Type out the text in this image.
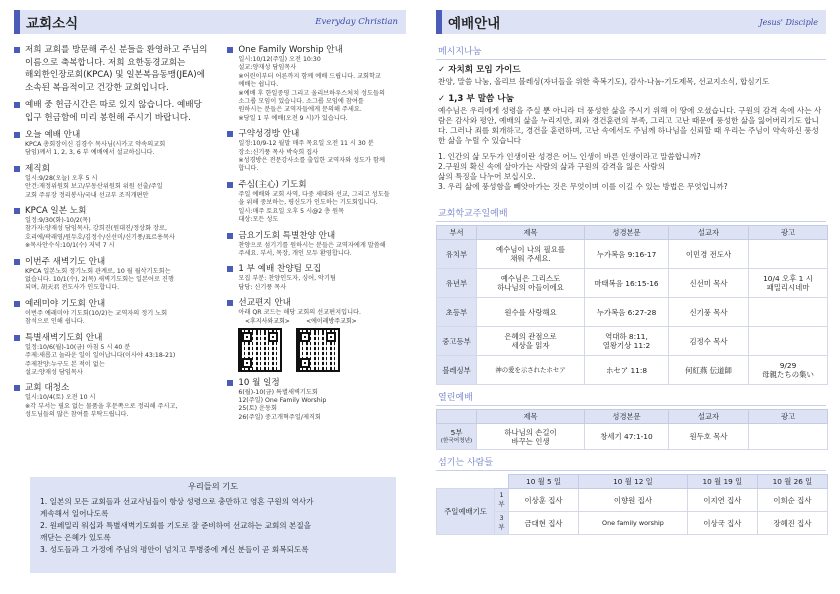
교회소식	Everyday Christian
저희 교회를 방문해 주신 분들을 환영하고 주님의
이름으로 축복합니다. 저희 요한동경교회는
해외한인장로회(KPCA) 및 일본복음동맹(JEA)에
소속된 복음적이고 건강한 교회입니다.
예배 중 헌금시간은 따로 있지 않습니다. 예배당
입구 헌금함에 미리 봉헌해 주시기 바랍니다.
오늘 예배 안내
KPCA 총회장이신 김경수 목사님(시카고 약속의교회
담임)께서 1, 2, 3, 6 부 예배에서 설교하십니다.
제직회
일시:9/28(오늘) 오후 5 시
안건:재정위원회 보고/부동산위원회 위원 선출/주일
교회 주류장 정리봉사/국내 선교부 조직개편안
KPCA 일본 노회
일정:9/30(화)-10/2(목)
참가자:양재성 담임목사, 강희진(원대진/정상화 장로,
호리에/곽래영/원두호/김정수/신선미/신기풍/표르용목사
※목사안수식:10/1(수) 저녁 7 시
이번주 새벽기도 안내
KPCA 일본노회 정기노회 관계로, 10 월 월삭기도회는
없습니다. 10/1(수), 2(목) 새벽기도회는 일본어로 진행
되며, 胡天君 전도사가 인도합니다.
예레미야 기도회 안내
이번주 예레미야 기도회(10/2)는 교역자의 정기 노회
참석으로 인해 쉽니다.
특별새벽기도회 안내
일정:10/6(월)-10(금) 아침 5 시 40 분
주제:새롭고 놀라운 일이 일어납니다(이사야 43:18-21)
주제찬양:누구도 본 적이 없는
설교:양재성 담임목사
교회 대청소
일시:10/4(토) 오전 10 시
※각 부서는 필요 없는 물품을 후문쪽으로 정리해 주시고,
성도님들의 많은 참여를 부탁드립니다.
One Family Worship 안내
일시:10/12(주일) 오전 10:30
설교:양재성 담임목사
※어린이부터 어른까지 함께 예배 드립니다. 교회학교
예배는 쉽니다.
※예배 후 한일중영 그리고 올리브하우스처치 성도들의
소그룹 모임이 있습니다. 소그룹 모임에 참여를
원하시는 분들은 교역자들에게 문의해 주세요.
※당일 1 부 예배(오전 9 시)가 있습니다.
구약성경방 안내
일정:10/9-12 월말 매주 목요일 오전 11 시 30 분
장소:신기풍 목사 박숙희 집사
※성경방은 전문강사소를 출입한 교역자와 성도가 함께
합니다.
주심(主心) 기도회
주일 예배와 교회 사역, 다중 세대와 선교, 그리고 성도들
을 위해 중보하는, 평신도가 인도하는 기도회입니다.
일시:매주 토요일 오후 5 시@2 층 원목
대상:모든 성도
금요기도회 특별찬양 안내
찬양으로 섬기기를 원하시는 분들은 교역자에게 말씀해
주세요. 부서, 목장, 개인 모두 환영합니다.
1 부 예배 찬양팀 모집
모집 부분: 찬양인도자, 싱어, 악기팀
담당: 신기풍 목사
선교편지 안내
아래 QR 코드는 해당 교회의 선교편지입니다.
<후지사와교회>	<에이레방주교회>
10 월 일정
6(월)-10(금) 특별새벽기도회
12(주일) One Family Worship
25(토) 운동회
26(주일) 중고개혁주일/제직회
우리들의 기도
1. 일본의 모든 교회들과 선교사님들이 항상 성령으로 충만하고 영혼 구원의 역사가
계속해서 일어나도록
2. 원페밀리 워십과 특별새벽기도회를 기도로 잘 준비하여 선교하는 교회의 본질을
깨닫는 은혜가 있도록
3. 성도들과 그 가정에 주님의 평안이 넘치고 투병중에 계신 분들이 곧 회복되도록
예배안내	Jesus' Disciple
메시지나눔
✓ 자치회 모임 가이드
찬양, 말씀 나눔, 올리브 블레싱(자녀들을 위한 축복기도), 감사-나눔-기도제목, 선교지소식, 합심기도
✓ 1,3 부 말씀 나눔
예수님은 우리에게 성령을 주실 뿐 아니라 더 풍성한 삶을 주시기 위해 이 땅에 오셨습니다. 구원의 감격 속에 사는 사람은 감사와 평안, 예배의 삶을 누리지만, 죄와 경건훈련의 부족, 그리고 고난 때문에 풍성한 삶을 잃어버리기도 합니다. 그러나 죄를 회개하고, 경건을 훈련하며, 고난 속에서도 주님께 하나님을 신뢰할 때 우리는 주님이 약속하신 풍성한 삶을 누릴 수 있습니다
1. 인간의 삶 모두가 인생이란 성경은 어느 인생이 바른 인생이라고 말씀합니까?
2.구원의 확신 속에 살아가는 사람의 삶과 구원의 감격을 잃은 사람의
삶의 특징을 나누어 보십시오.
3. 우리 삶에 풍성함을 빼앗아가는 것은 무엇이며 이를 이길 수 있는 방법은 무엇입니까?
교회학교주일예배
부서	제목	성경본문	설교자	광고
유치부	예수님이 나의 필요를
채워 주세요.	누가복음 9:16-17	이민경 전도사	
유년부	예수님은 그리스도
하나님의 아들이에요	마태복음 16:15-16	신선미 목사	10/4 오후 1 시
패밀리시네마
초등부	원수를 사랑해요	누가복음 6:27-28	신기풍 목사	
중고등부	은혜의 관점으로
세상을 읽자	역대하 8:11,
열왕기상 11:2	김정수 목사	
블레싱부	神の愛を示されたホセア	ホセア 11:8	何紅燕 伝道師	9/29
母親たちの集い
열린예배
	제목	성경본문	설교자	광고
5부
(한국어청년)	하나님의 손길이
바꾸는 인생	창세기 47:1-10	원두호 목사	
섬기는 사람들
		10 월 5 일	10 월 12 일	10 월 19 일	10 월 26 일
주일예배기도	1부	이상훈 집사	이향원 집사	이지연 집사	이희순 집사
	3부	금대현 집사	One family worship	이상국 집사	장혜진 집사
